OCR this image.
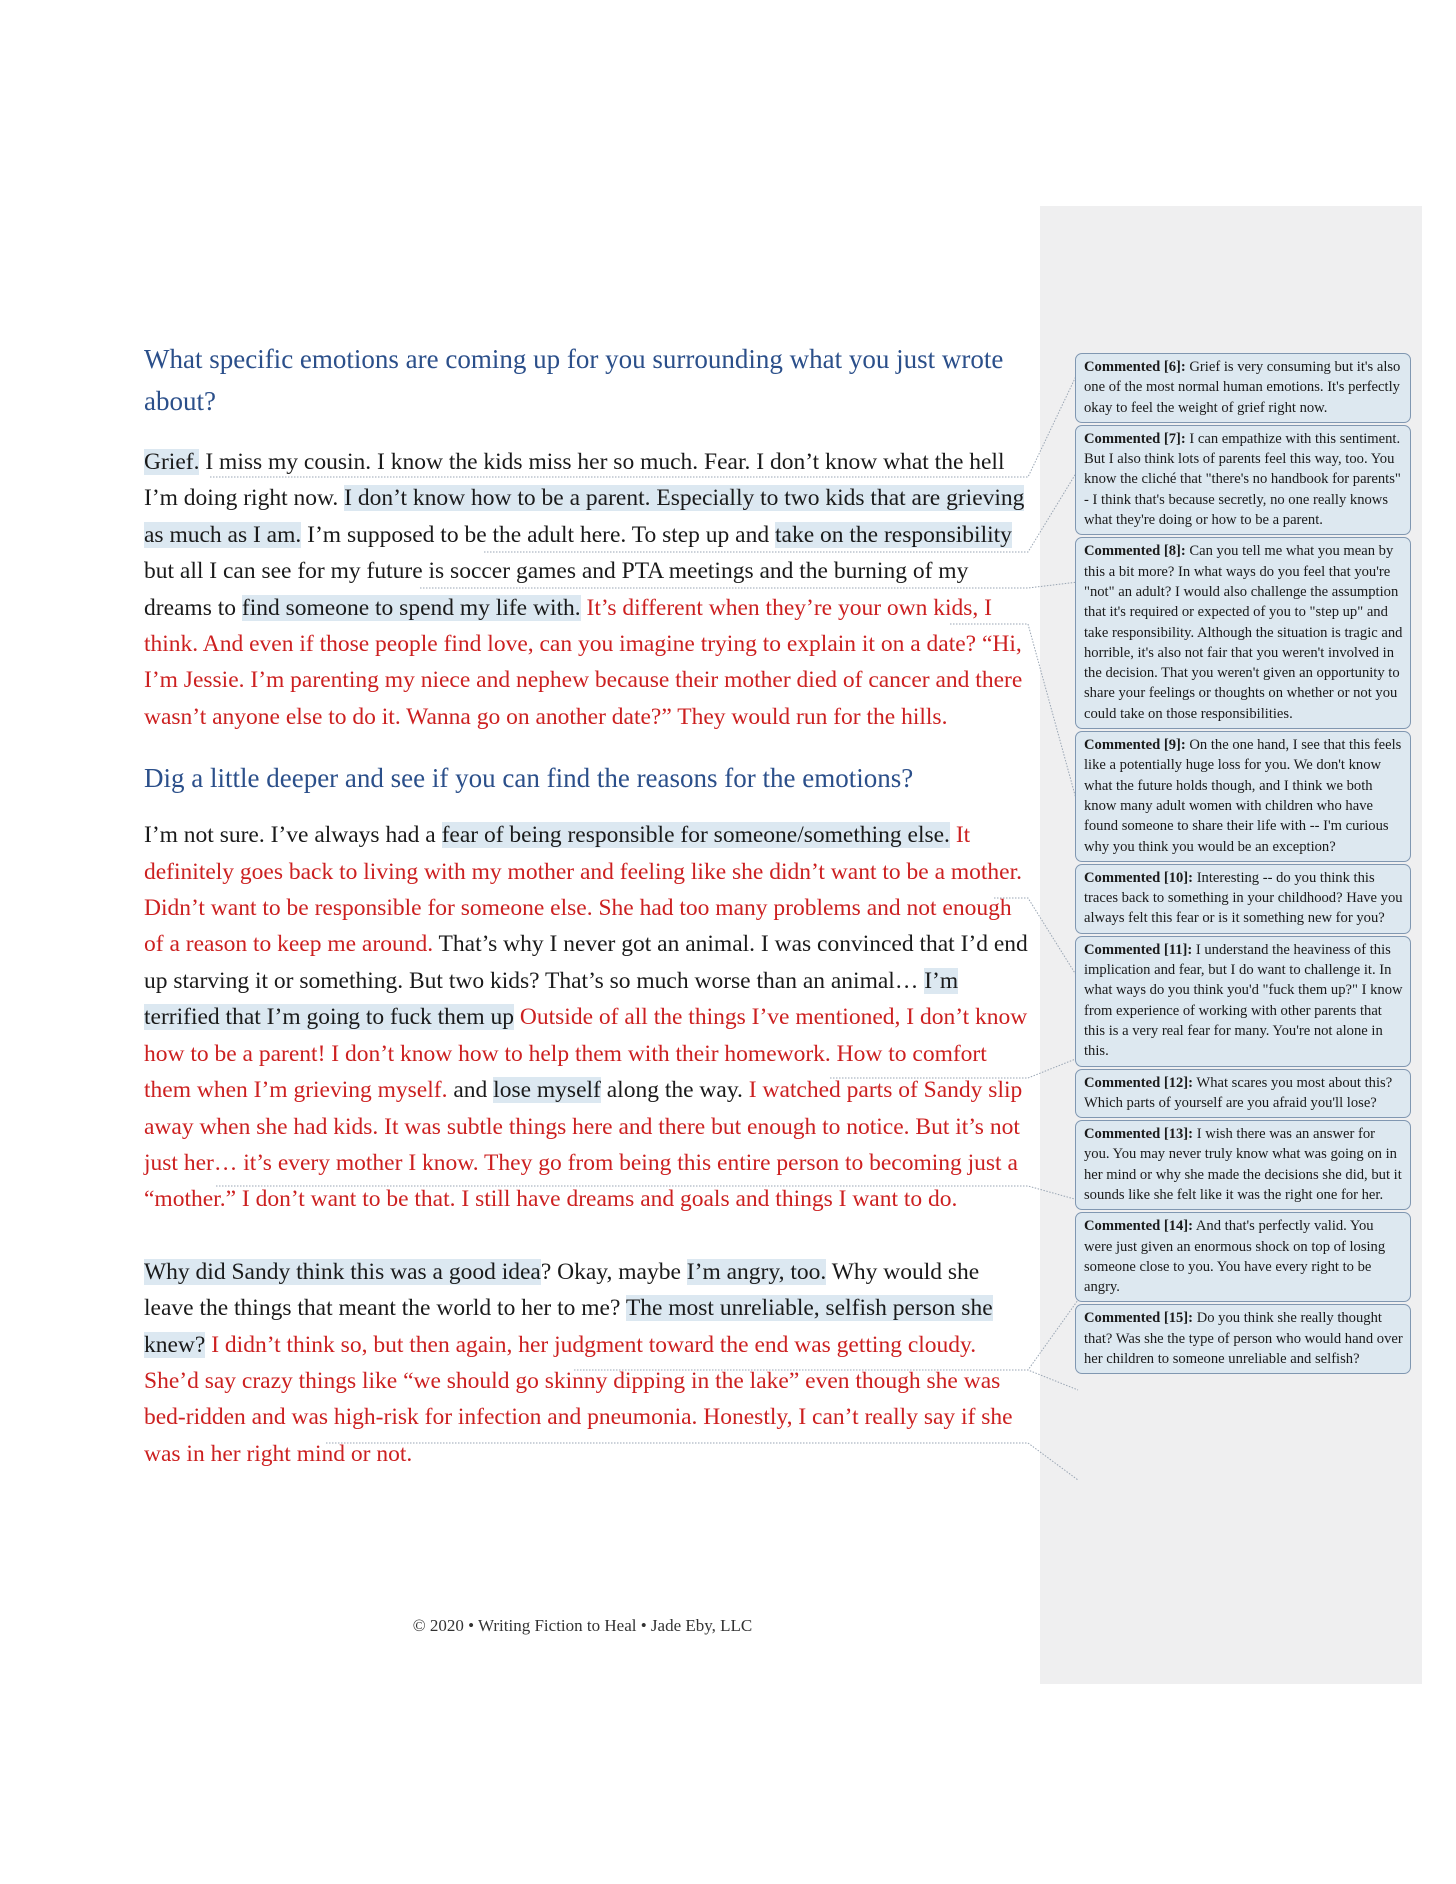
What specific emotions are coming up for you surrounding what you just wrote about?

Grief. I miss my cousin. I know the kids miss her so much. Fear. I don’t know what the hell I’m doing right now. I don’t know how to be a parent. Especially to two kids that are grieving as much as I am. I’m supposed to be the adult here. To step up and take on the responsibility but all I can see for my future is soccer games and PTA meetings and the burning of my dreams to find someone to spend my life with. It’s different when they’re your own kids, I think. And even if those people find love, can you imagine trying to explain it on a date? “Hi, I’m Jessie. I’m parenting my niece and nephew because their mother died of cancer and there wasn’t anyone else to do it. Wanna go on another date?” They would run for the hills.

Dig a little deeper and see if you can find the reasons for the emotions?

I’m not sure. I’ve always had a fear of being responsible for someone/something else. It definitely goes back to living with my mother and feeling like she didn’t want to be a mother. Didn’t want to be responsible for someone else. She had too many problems and not enough of a reason to keep me around. That’s why I never got an animal. I was convinced that I’d end up starving it or something. But two kids? That’s so much worse than an animal… I’m terrified that I’m going to fuck them up Outside of all the things I’ve mentioned, I don’t know how to be a parent! I don’t know how to help them with their homework. How to comfort them when I’m grieving myself. and lose myself along the way. I watched parts of Sandy slip away when she had kids. It was subtle things here and there but enough to notice. But it’s not just her… it’s every mother I know. They go from being this entire person to becoming just a “mother.” I don’t want to be that. I still have dreams and goals and things I want to do.

Why did Sandy think this was a good idea? Okay, maybe I’m angry, too. Why would she leave the things that meant the world to her to me? The most unreliable, selfish person she knew? I didn’t think so, but then again, her judgment toward the end was getting cloudy. She’d say crazy things like “we should go skinny dipping in the lake” even though she was bed-ridden and was high-risk for infection and pneumonia. Honestly, I can’t really say if she was in her right mind or not.

Commented [6]: Grief is very consuming but it's also one of the most normal human emotions. It's perfectly okay to feel the weight of grief right now.
Commented [7]: I can empathize with this sentiment. But I also think lots of parents feel this way, too. You know the cliché that "there's no handbook for parents" - I think that's because secretly, no one really knows what they're doing or how to be a parent.
Commented [8]: Can you tell me what you mean by this a bit more? In what ways do you feel that you're "not" an adult? I would also challenge the assumption that it's required or expected of you to "step up" and take responsibility. Although the situation is tragic and horrible, it's also not fair that you weren't involved in the decision. That you weren't given an opportunity to share your feelings or thoughts on whether or not you could take on those responsibilities.
Commented [9]: On the one hand, I see that this feels like a potentially huge loss for you. We don't know what the future holds though, and I think we both know many adult women with children who have found someone to share their life with -- I'm curious why you think you would be an exception?
Commented [10]: Interesting -- do you think this traces back to something in your childhood? Have you always felt this fear or is it something new for you?
Commented [11]: I understand the heaviness of this implication and fear, but I do want to challenge it. In what ways do you think you'd "fuck them up?" I know from experience of working with other parents that this is a very real fear for many. You're not alone in this.
Commented [12]: What scares you most about this? Which parts of yourself are you afraid you'll lose?
Commented [13]: I wish there was an answer for you. You may never truly know what was going on in her mind or why she made the decisions she did, but it sounds like she felt like it was the right one for her.
Commented [14]: And that's perfectly valid. You were just given an enormous shock on top of losing someone close to you. You have every right to be angry.
Commented [15]: Do you think she really thought that? Was she the type of person who would hand over her children to someone unreliable and selfish?
© 2020 • Writing Fiction to Heal • Jade Eby, LLC
